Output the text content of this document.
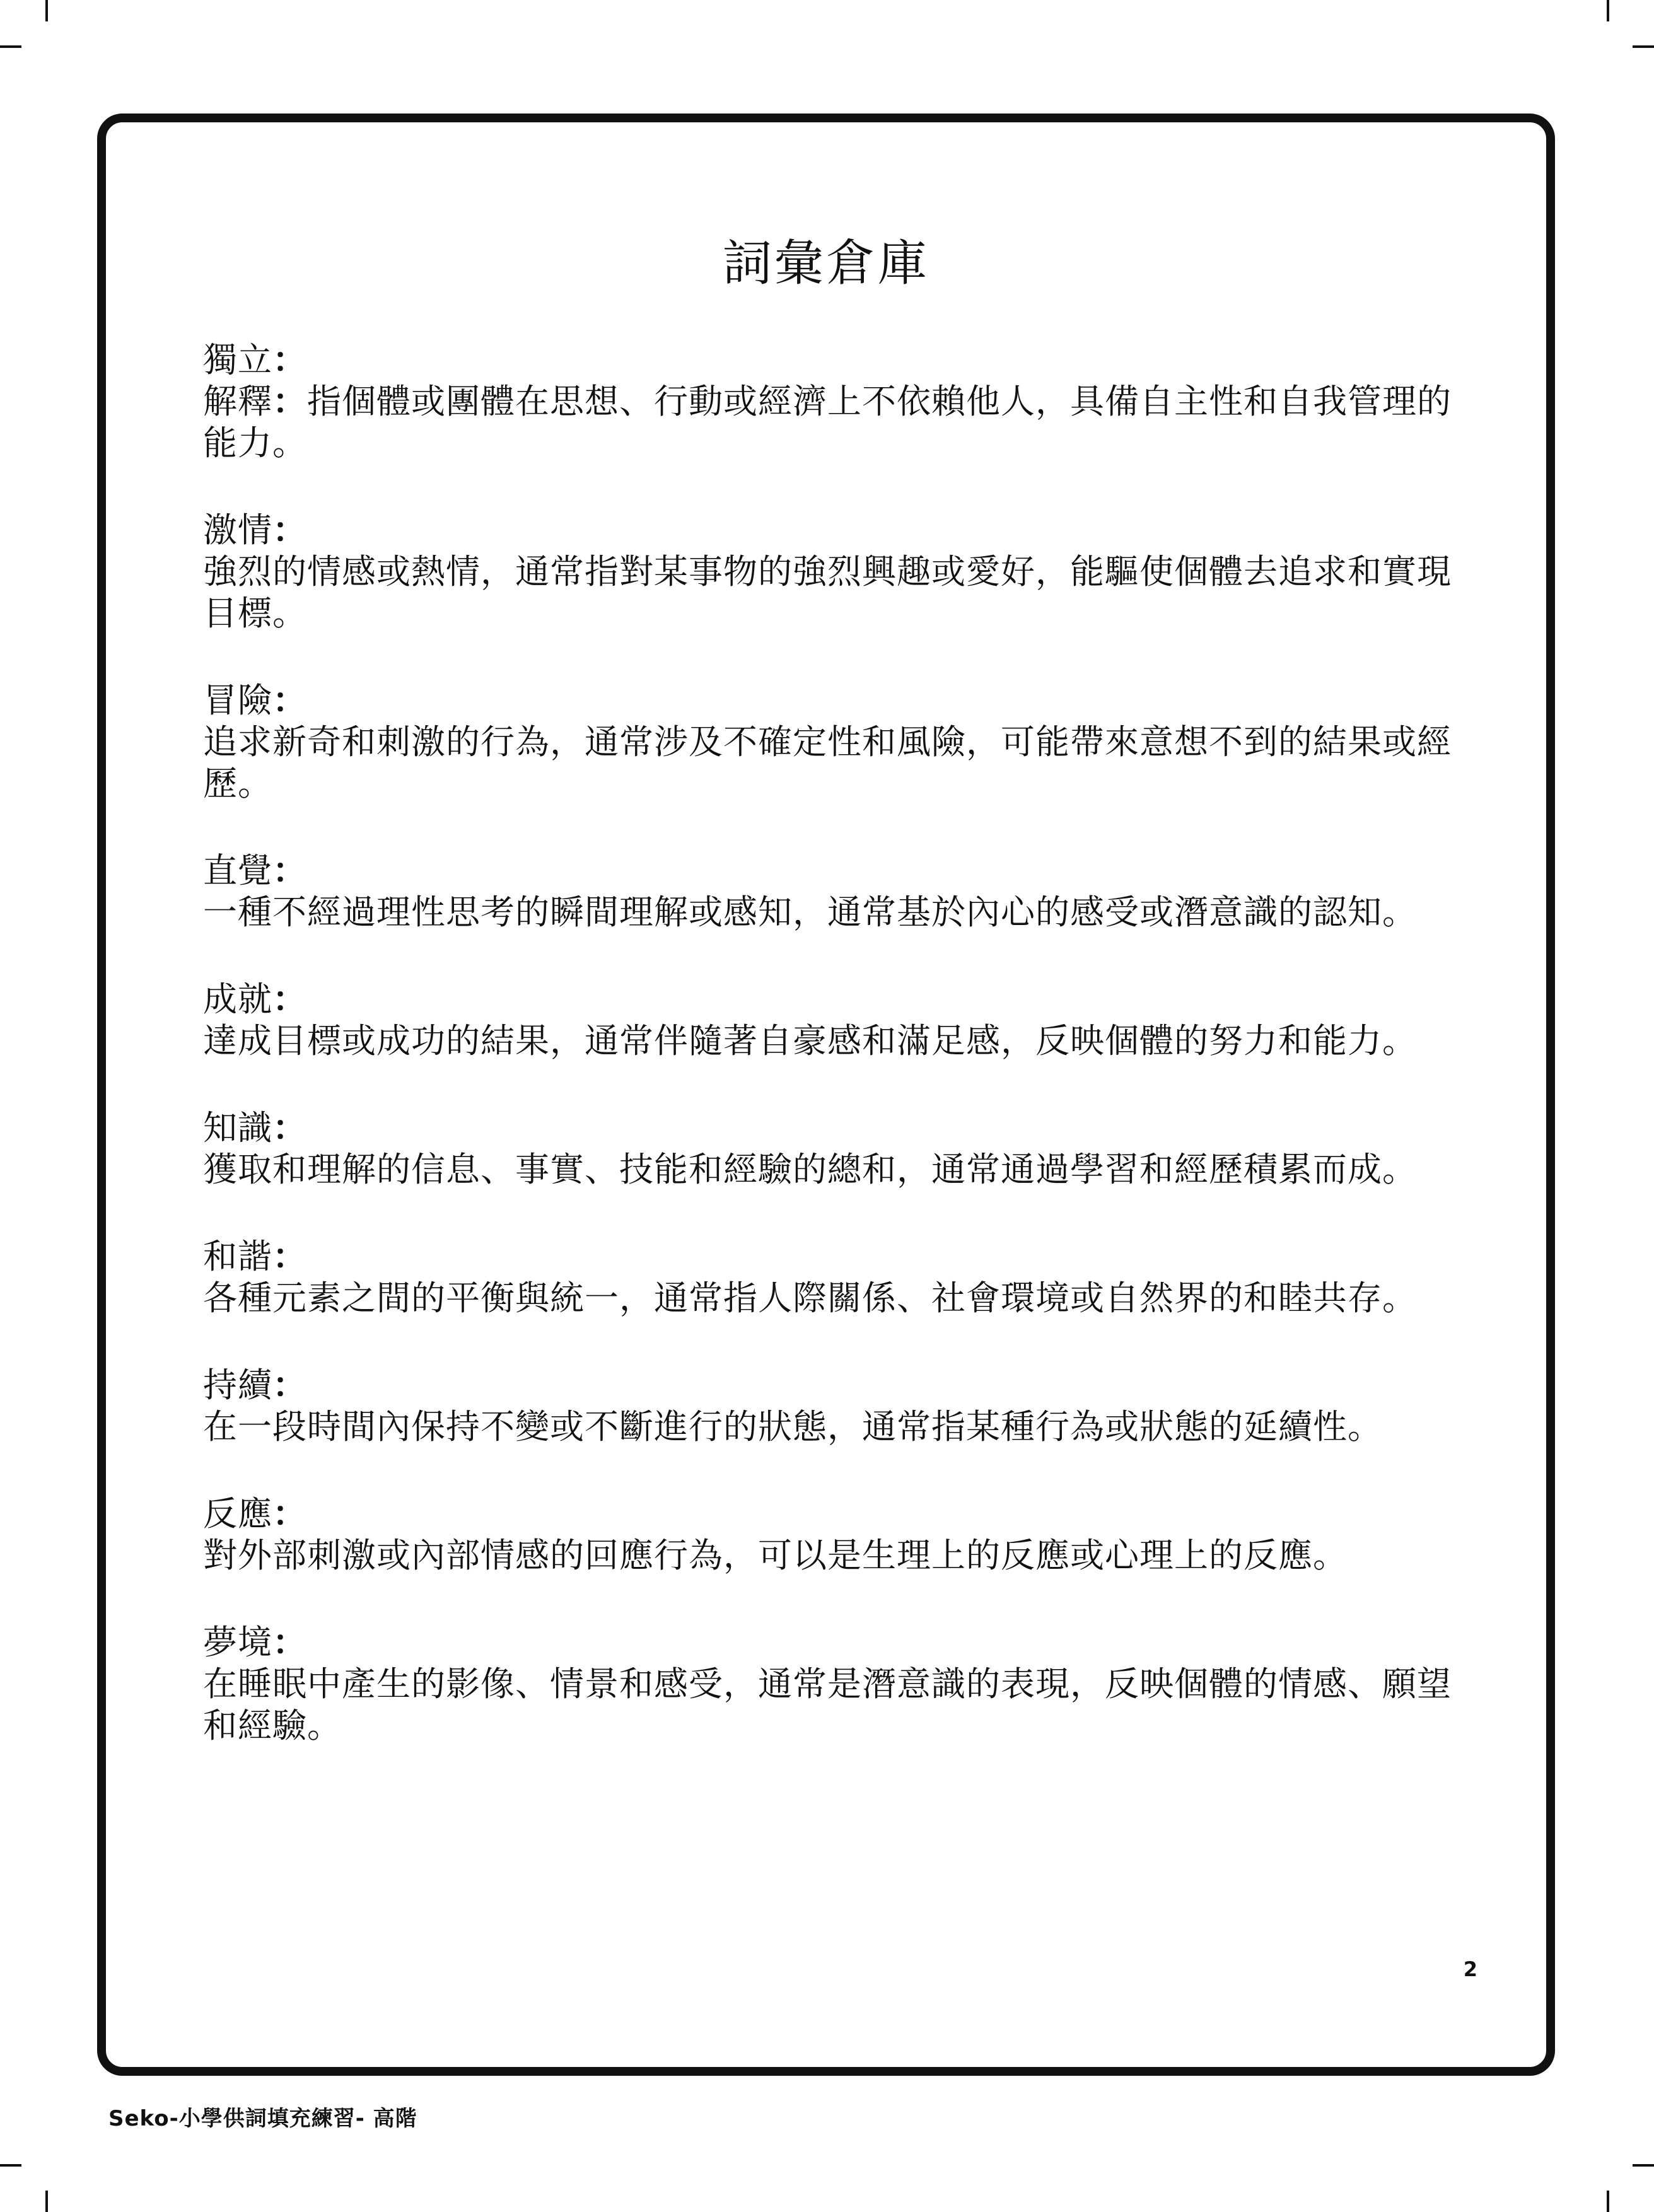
詞彙倉庫
獨立：
解釋：指個體或團體在思想、行動或經濟上不依賴他人，具備自主性和自我管理的能力。
激情：
強烈的情感或熱情，通常指對某事物的強烈興趣或愛好，能驅使個體去追求和實現目標。
冒險：
追求新奇和刺激的行為，通常涉及不確定性和風險，可能帶來意想不到的結果或經歷。
直覺：
一種不經過理性思考的瞬間理解或感知，通常基於內心的感受或潛意識的認知。
成就：
達成目標或成功的結果，通常伴隨著自豪感和滿足感，反映個體的努力和能力。
知識：
獲取和理解的信息、事實、技能和經驗的總和，通常通過學習和經歷積累而成。
和諧：
各種元素之間的平衡與統一，通常指人際關係、社會環境或自然界的和睦共存。
持續：
在一段時間內保持不變或不斷進行的狀態，通常指某種行為或狀態的延續性。
反應：
對外部刺激或內部情感的回應行為，可以是生理上的反應或心理上的反應。
夢境：
在睡眠中產生的影像、情景和感受，通常是潛意識的表現，反映個體的情感、願望和經驗。
2
Seko-小學供詞填充練習- 高階
